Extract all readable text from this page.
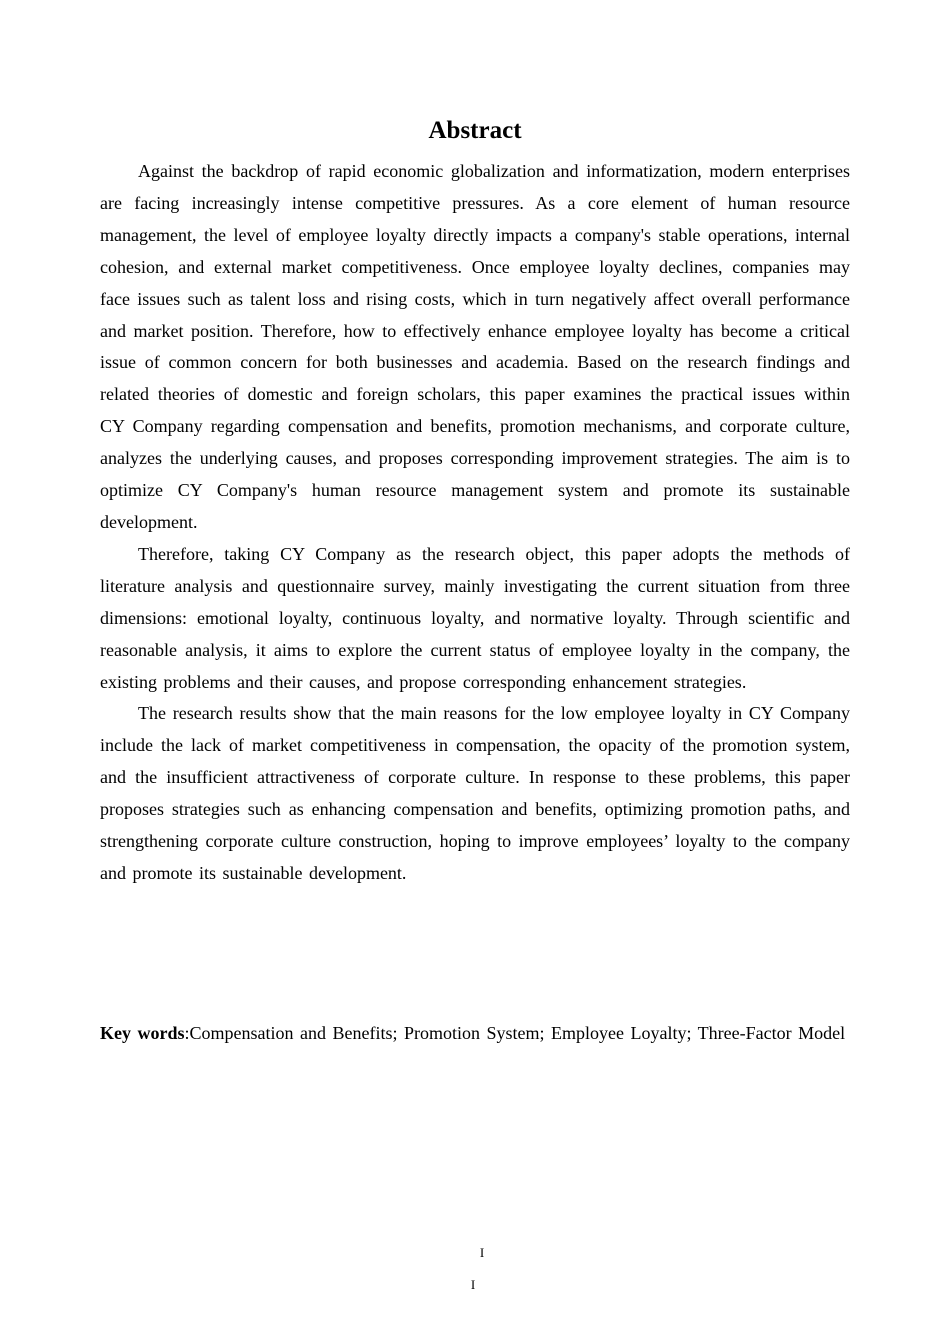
Abstract

Against the backdrop of rapid economic globalization and informatization, modern enterprises are facing increasingly intense competitive pressures. As a core element of human resource management, the level of employee loyalty directly impacts a company's stable operations, internal cohesion, and external market competitiveness. Once employee loyalty declines, companies may face issues such as talent loss and rising costs, which in turn negatively affect overall performance and market position. Therefore, how to effectively enhance employee loyalty has become a critical issue of common concern for both businesses and academia. Based on the research findings and related theories of domestic and foreign scholars, this paper examines the practical issues within CY Company regarding compensation and benefits, promotion mechanisms, and corporate culture, analyzes the underlying causes, and proposes corresponding improvement strategies. The aim is to optimize CY Company's human resource management system and promote its sustainable development.

Therefore, taking CY Company as the research object, this paper adopts the methods of literature analysis and questionnaire survey, mainly investigating the current situation from three dimensions: emotional loyalty, continuous loyalty, and normative loyalty. Through scientific and reasonable analysis, it aims to explore the current status of employee loyalty in the company, the existing problems and their causes, and propose corresponding enhancement strategies.

The research results show that the main reasons for the low employee loyalty in CY Company include the lack of market competitiveness in compensation, the opacity of the promotion system, and the insufficient attractiveness of corporate culture. In response to these problems, this paper proposes strategies such as enhancing compensation and benefits, optimizing promotion paths, and strengthening corporate culture construction, hoping to improve employees’ loyalty to the company and promote its sustainable development.

Key words:Compensation and Benefits; Promotion System; Employee Loyalty; Three-Factor Model

I
I
